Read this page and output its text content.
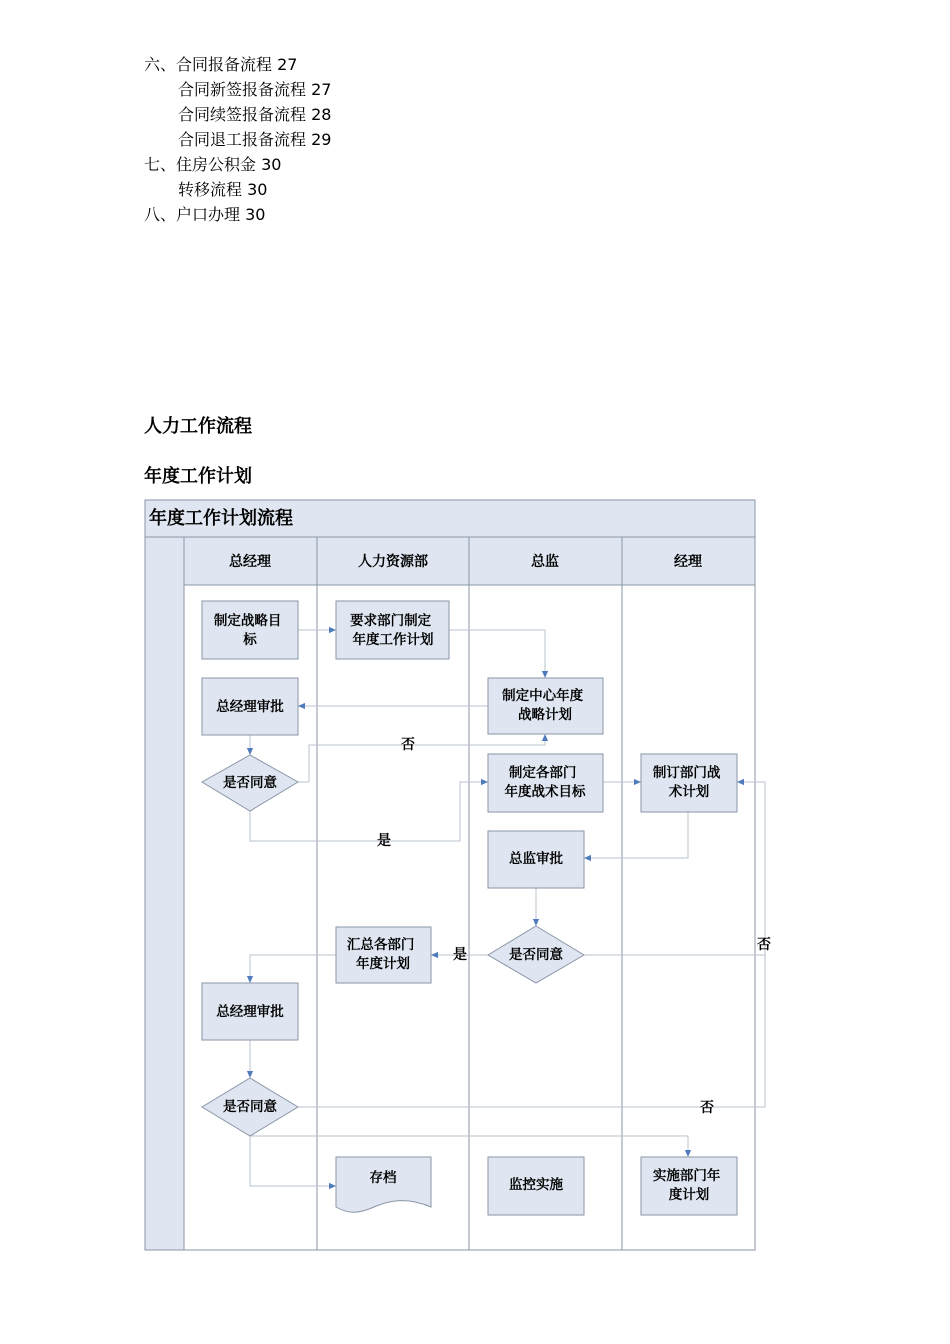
六、合同报备流程 27
合同新签报备流程 27
合同续签报备流程 28
合同退工报备流程 29
七、住房公积金 30
转移流程 30
八、户口办理 30
人力工作流程
年度工作计划
年度工作计划流程
总经理	人力资源部	总监	经理
否
是
是
否
否
制定战略目 标
要求部门制定 年度工作计划
制定中心年度 战略计划
总经理审批
是否同意
制定各部门 年度战术目标
制订部门战 术计划
总监审批
是否同意
汇总各部门 年度计划
总经理审批
是否同意
存档	监控实施
实施部门年 度计划
